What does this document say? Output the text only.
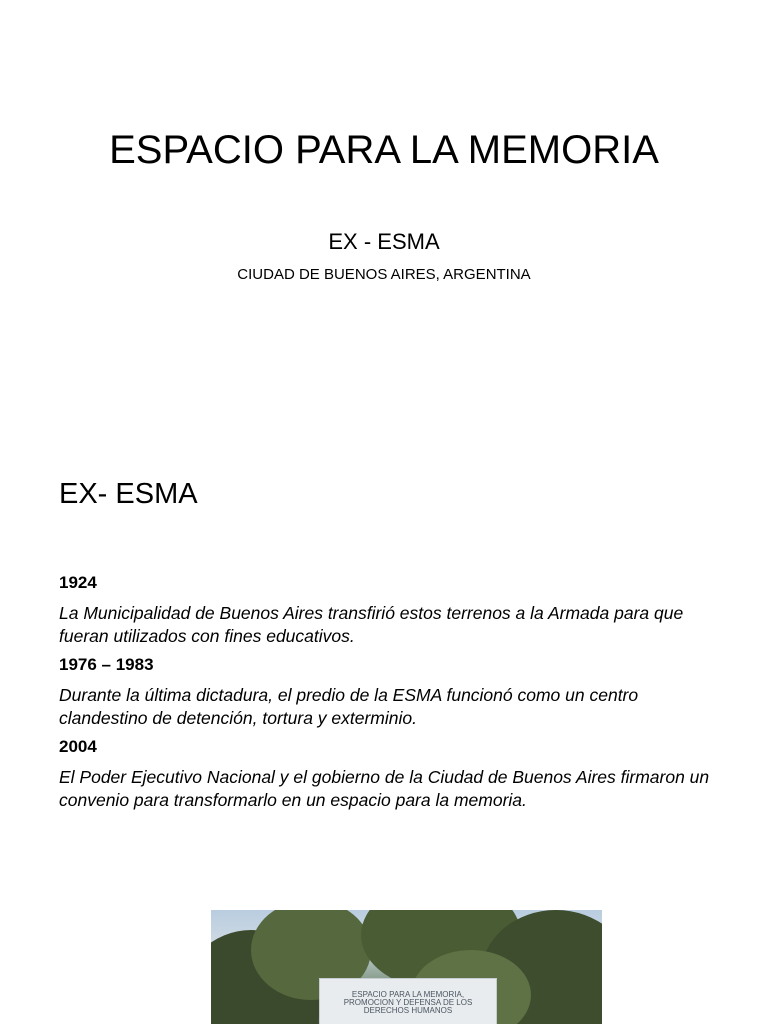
ESPACIO PARA LA MEMORIA
EX - ESMA
CIUDAD DE BUENOS AIRES, ARGENTINA
EX- ESMA

1924

La Municipalidad de Buenos Aires transfirió estos terrenos a la Armada para que fueran utilizados con fines educativos.

1976 – 1983

Durante la última dictadura, el predio de la ESMA funcionó como un centro clandestino de detención, tortura y exterminio.

2004

El Poder Ejecutivo Nacional y el gobierno de la Ciudad de Buenos Aires firmaron un convenio para transformarlo en un espacio para la memoria.

ESPACIO PARA LA MEMORIA, PROMOCION Y DEFENSA DE LOS DERECHOS HUMANOS
